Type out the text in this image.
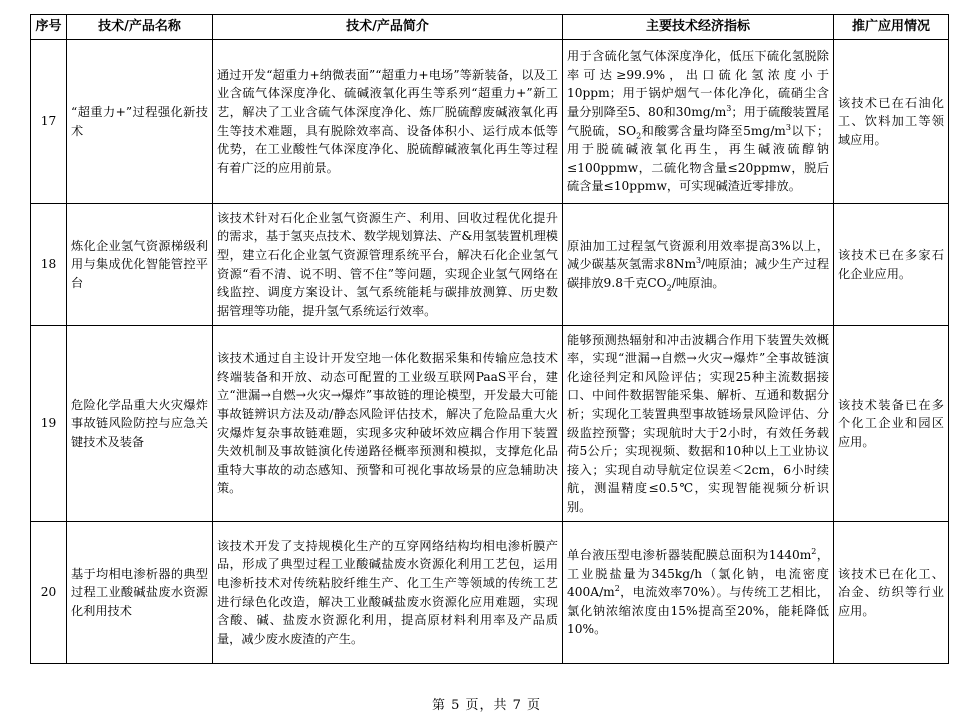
序号	技术/产品名称	技术/产品简介	主要技术经济指标	推广应用情况
17	“超重力+”过程强化新技术	通过开发“超重力+纳微表面”“超重力+电场”等新装备，以及工业含硫气体深度净化、硫碱液氧化再生等系列“超重力+”新工艺，解决了工业含硫气体深度净化、炼厂脱硫醇废碱液氧化再生等技术难题，具有脱除效率高、设备体积小、运行成本低等优势，在工业酸性气体深度净化、脱硫醇碱液氧化再生等过程有着广泛的应用前景。	用于含硫化氢气体深度净化，低压下硫化氢脱除率可达≥99.9%，出口硫化氢浓度小于10ppm；用于锅炉烟气一体化净化，硫硝尘含量分别降至5、80和$30mg/m^3$；用于硫酸装置尾气脱硫，$SO_2$和酸雾含量均降至$5mg/m^3$以下；用于脱硫碱液氧化再生，再生碱液硫醇钠≤100ppmw，二硫化物含量≤20ppmw，脱后硫含量≤10ppmw，可实现碱渣近零排放。	该技术已在石油化工、饮料加工等领域应用。
18	炼化企业氢气资源梯级利用与集成优化智能管控平台	该技术针对石化企业氢气资源生产、利用、回收过程优化提升的需求，基于氢夹点技术、数学规划算法、产&用氢装置机理模型，建立石化企业氢气资源管理系统平台，解决石化企业氢气资源“看不清、说不明、管不住”等问题，实现企业氢气网络在线监控、调度方案设计、氢气系统能耗与碳排放测算、历史数据管理等功能，提升氢气系统运行效率。	原油加工过程氢气资源利用效率提高3%以上，减少碳基灰氢需求8Nm$^3$/吨原油；减少生产过程碳排放9.8千克$CO_2/$吨原油。	该技术已在多家石化企业应用。
19	危险化学品重大火灾爆炸事故链风险防控与应急关键技术及装备	该技术通过自主设计开发空地一体化数据采集和传输应急技术终端装备和开放、动态可配置的工业级互联网PaaS平台，建立“泄漏→自燃→火灾→爆炸”事故链的理论模型，开发最大可能事故链辨识方法及动/静态风险评估技术，解决了危险品重大火灾爆炸复杂事故链难题，实现多灾种破坏效应耦合作用下装置失效机制及事故链演化传递路径概率预测和模拟，支撑危化品重特大事故的动态感知、预警和可视化事故场景的应急辅助决策。	能够预测热辐射和冲击波耦合作用下装置失效概率，实现“泄漏→自燃→火灾→爆炸”全事故链演化途径判定和风险评估；实现25种主流数据接口、中间件数据智能采集、解析、互通和数据分析；实现化工装置典型事故链场景风险评估、分级监控预警；实现航时大于2小时，有效任务载荷5公斤；实现视频、数据和10种以上工业协议接入；实现自动导航定位误差＜2cm，6小时续航，测温精度≤0.5℃，实现智能视频分析识别。	该技术装备已在多个化工企业和园区应用。
20	基于均相电渗析器的典型过程工业酸碱盐废水资源化利用技术	该技术开发了支持规模化生产的互穿网络结构均相电渗析膜产品，形成了典型过程工业酸碱盐废水资源化利用工艺包，运用电渗析技术对传统粘胶纤维生产、化工生产等领域的传统工艺进行绿色化改造，解决工业酸碱盐废水资源化应用难题，实现含酸、碱、盐废水资源化利用，提高原材料利用率及产品质量，减少废水废渣的产生。	单台液压型电渗析器装配膜总面积为$1440m^2$，工业脱盐量为345kg/h（氯化钠，电流密度$400A/m^2$，电流效率70%）。与传统工艺相比，氯化钠浓缩浓度由15%提高至20%，能耗降低10%。	该技术已在化工、冶金、纺织等行业应用。
第 5 页，共 7 页
